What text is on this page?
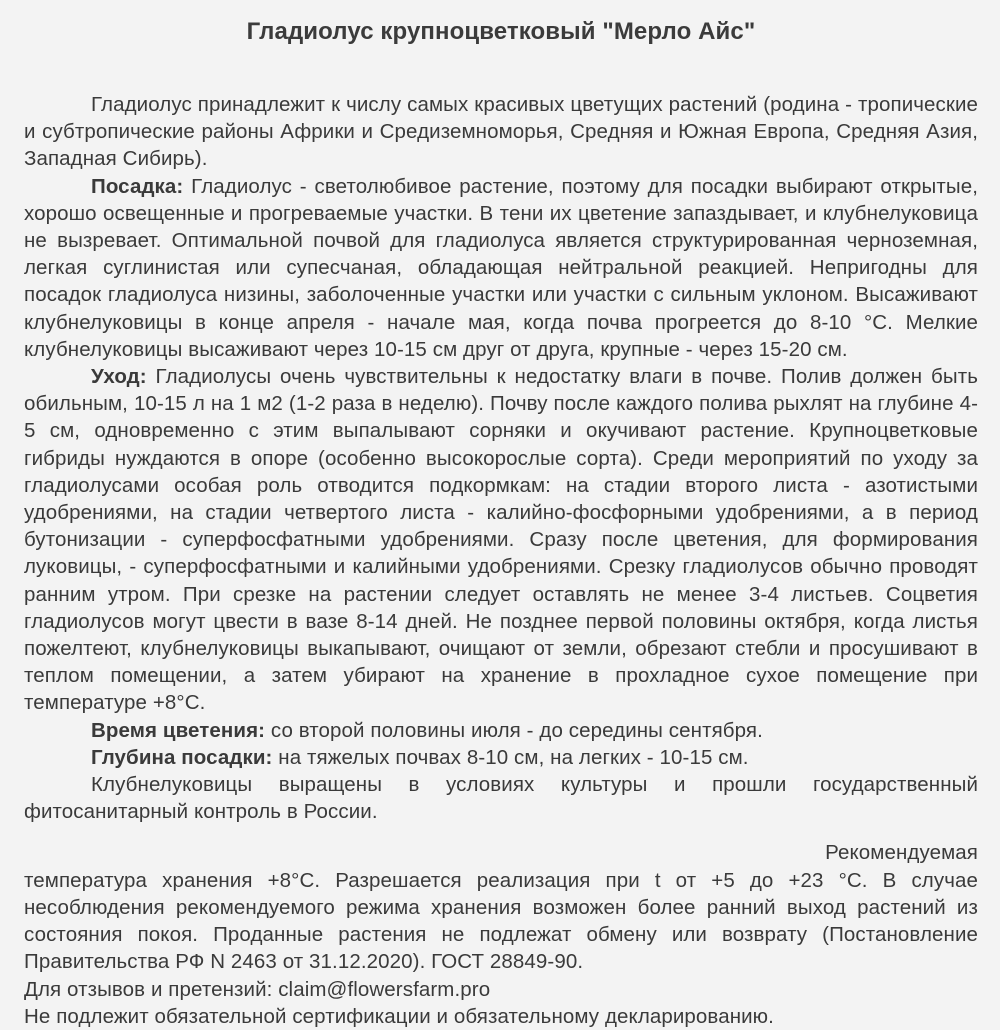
Гладиолус крупноцветковый "Мерло Айс"

Гладиолус принадлежит к числу самых красивых цветущих растений (родина - тропические и субтропические районы Африки и Средиземноморья, Средняя и Южная Европа, Средняя Азия, Западная Сибирь).

Посадка: Гладиолус - светолюбивое растение, поэтому для посадки выбирают открытые, хорошо освещенные и прогреваемые участки. В тени их цветение запаздывает, и клубнелуковица не вызревает. Оптимальной почвой для гладиолуса является структурированная черноземная, легкая суглинистая или супесчаная, обладающая нейтральной реакцией. Непригодны для посадок гладиолуса низины, заболоченные участки или участки с сильным уклоном. Высаживают клубнелуковицы в конце апреля - начале мая, когда почва прогреется до 8-10 °С. Мелкие клубнелуковицы высаживают через 10-15 см друг от друга, крупные - через 15-20 см.

Уход: Гладиолусы очень чувствительны к недостатку влаги в почве. Полив должен быть обильным, 10-15 л на 1 м2 (1-2 раза в неделю). Почву после каждого полива рыхлят на глубине 4-5 см, одновременно с этим выпалывают сорняки и окучивают растение. Крупноцветковые гибриды нуждаются в опоре (особенно высокорослые сорта). Среди мероприятий по уходу за гладиолусами особая роль отводится подкормкам: на стадии второго листа - азотистыми удобрениями, на стадии четвертого листа - калийно-фосфорными удобрениями, а в период бутонизации - суперфосфатными удобрениями. Сразу после цветения, для формирования луковицы, - суперфосфатными и калийными удобрениями. Срезку гладиолусов обычно проводят ранним утром. При срезке на растении следует оставлять не менее 3-4 листьев. Соцветия гладиолусов могут цвести в вазе 8-14 дней. Не позднее первой половины октября, когда листья пожелтеют, клубнелуковицы выкапывают, очищают от земли, обрезают стебли и просушивают в теплом помещении, а затем убирают на хранение в прохладное сухое помещение при температуре +8°С.

Время цветения: со второй половины июля - до середины сентября.

Глубина посадки: на тяжелых почвах 8-10 см, на легких - 10-15 см.

Клубнелуковицы выращены в условиях культуры и прошли государственный фитосанитарный контроль в России.

Рекомендуемая

температура хранения +8°С. Разрешается реализация при t от +5 до +23 °С. В случае несоблюдения рекомендуемого режима хранения возможен более ранний выход растений из состояния покоя. Проданные растения не подлежат обмену или возврату (Постановление Правительства РФ N 2463 от 31.12.2020). ГОСТ 28849-90.

Для отзывов и претензий: claim@flowersfarm.pro

Не подлежит обязательной сертификации и обязательному декларированию.
